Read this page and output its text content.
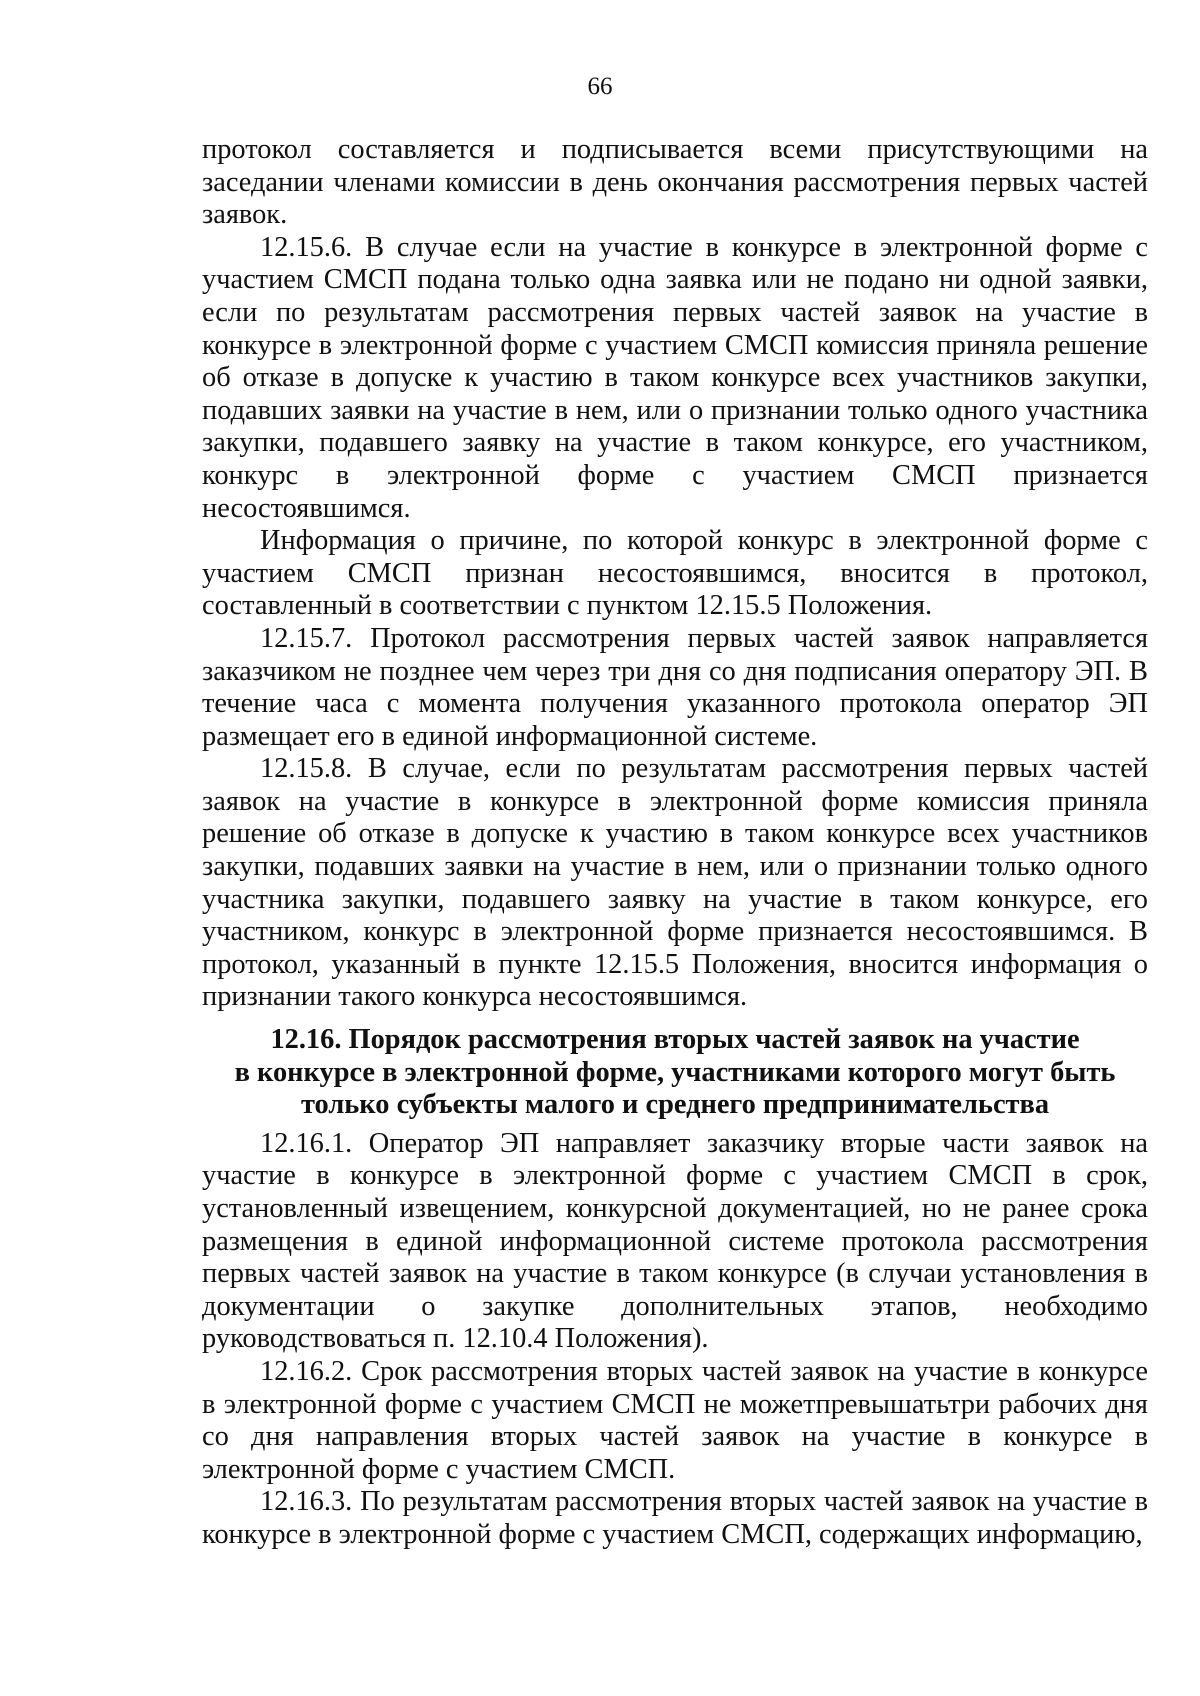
66

протокол составляется и подписывается всеми присутствующими на заседании членами комиссии в день окончания рассмотрения первых частей заявок.

12.15.6. В случае если на участие в конкурсе в электронной форме с участием СМСП подана только одна заявка или не подано ни одной заявки, если по результатам рассмотрения первых частей заявок на участие в конкурсе в электронной форме с участием СМСП комиссия приняла решение об отказе в допуске к участию в таком конкурсе всех участников закупки, подавших заявки на участие в нем, или о признании только одного участника закупки, подавшего заявку на участие в таком конкурсе, его участником, конкурс в электронной форме с участием СМСП признается несостоявшимся.

Информация о причине, по которой конкурс в электронной форме с участием СМСП признан несостоявшимся, вносится в протокол, составленный в соответствии с пунктом 12.15.5 Положения.

12.15.7. Протокол рассмотрения первых частей заявок направляется заказчиком не позднее чем через три дня со дня подписания оператору ЭП. В течение часа с момента получения указанного протокола оператор ЭП размещает его в единой информационной системе.

12.15.8. В случае, если по результатам рассмотрения первых частей заявок на участие в конкурсе в электронной форме комиссия приняла решение об отказе в допуске к участию в таком конкурсе всех участников закупки, подавших заявки на участие в нем, или о признании только одного участника закупки, подавшего заявку на участие в таком конкурсе, его участником, конкурс в электронной форме признается несостоявшимся. В протокол, указанный в пункте 12.15.5 Положения, вносится информация о признании такого конкурса несостоявшимся.

12.16. Порядок рассмотрения вторых частей заявок на участие
в конкурсе в электронной форме, участниками которого могут быть
только субъекты малого и среднего предпринимательства

12.16.1. Оператор ЭП направляет заказчику вторые части заявок на участие в конкурсе в электронной форме с участием СМСП в срок, установленный извещением, конкурсной документацией, но не ранее срока размещения в единой информационной системе протокола рассмотрения первых частей заявок на участие в таком конкурсе (в случаи установления в документации о закупке дополнительных этапов, необходимо руководствоваться п. 12.10.4 Положения).

12.16.2. Срок рассмотрения вторых частей заявок на участие в конкурсе в электронной форме с участием СМСП не можетпревышатьтри рабочих дня со дня направления вторых частей заявок на участие в конкурсе в электронной форме с участием СМСП.

12.16.3. По результатам рассмотрения вторых частей заявок на участие в конкурсе в электронной форме с участием СМСП, содержащих информацию,
